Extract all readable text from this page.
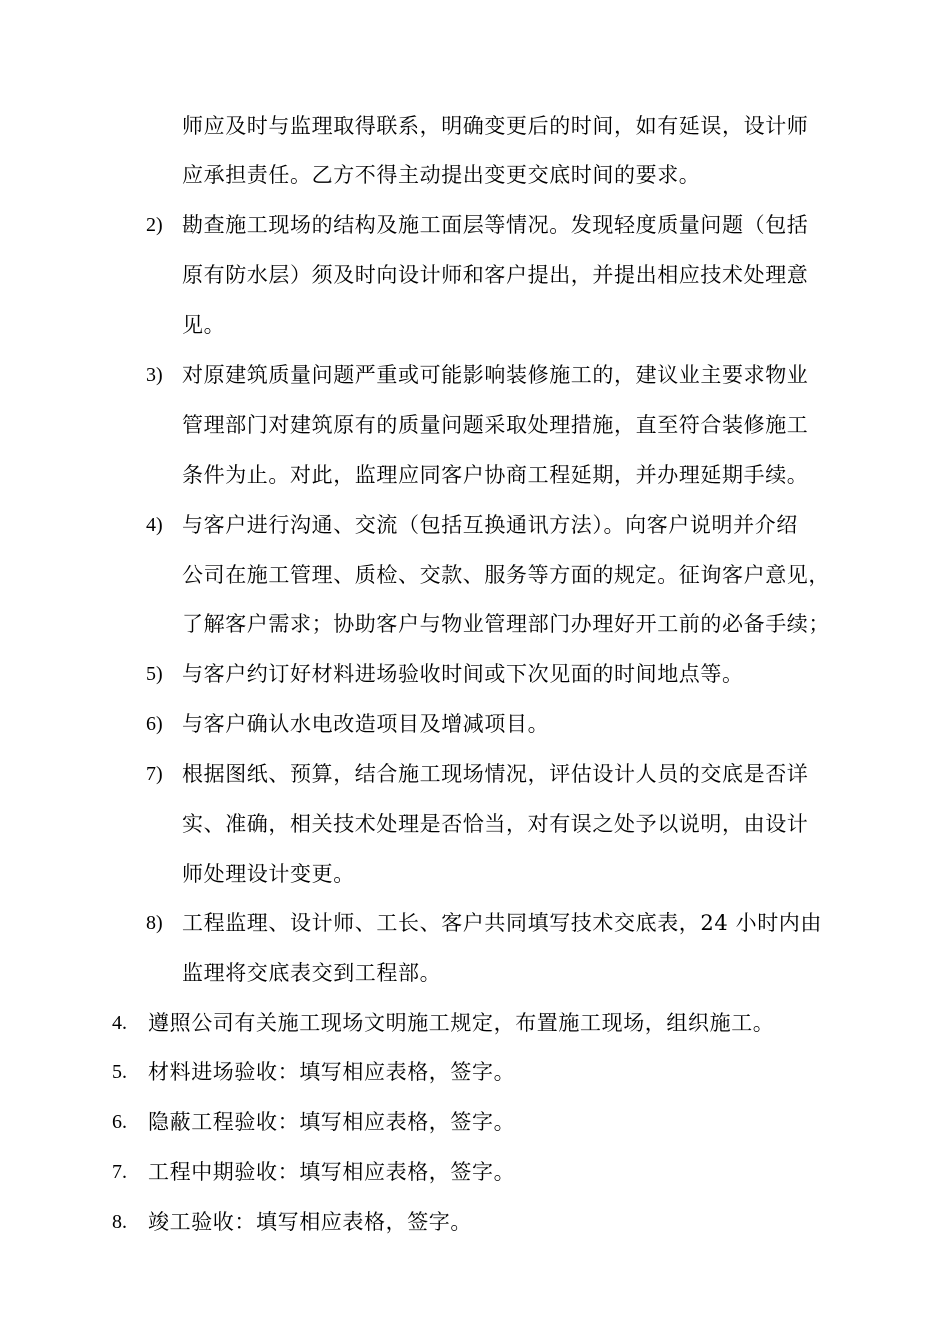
师应及时与监理取得联系，明确变更后的时间，如有延误，设计师
应承担责任。乙方不得主动提出变更交底时间的要求。
2) 勘查施工现场的结构及施工面层等情况。发现轻度质量问题（包括
原有防水层）须及时向设计师和客户提出，并提出相应技术处理意
见。
3) 对原建筑质量问题严重或可能影响装修施工的，建议业主要求物业
管理部门对建筑原有的质量问题采取处理措施，直至符合装修施工
条件为止。对此，监理应同客户协商工程延期，并办理延期手续。
4) 与客户进行沟通、交流（包括互换通讯方法）。向客户说明并介绍
公司在施工管理、质检、交款、服务等方面的规定。征询客户意见，
了解客户需求；协助客户与物业管理部门办理好开工前的必备手续；
5) 与客户约订好材料进场验收时间或下次见面的时间地点等。
6) 与客户确认水电改造项目及增减项目。
7) 根据图纸、预算，结合施工现场情况，评估设计人员的交底是否详
实、准确，相关技术处理是否恰当，对有误之处予以说明，由设计
师处理设计变更。
8) 工程监理、设计师、工长、客户共同填写技术交底表，24 小时内由
监理将交底表交到工程部。
4. 遵照公司有关施工现场文明施工规定，布置施工现场，组织施工。
5. 材料进场验收：填写相应表格，签字。
6. 隐蔽工程验收：填写相应表格，签字。
7. 工程中期验收：填写相应表格，签字。
8. 竣工验收：填写相应表格，签字。
